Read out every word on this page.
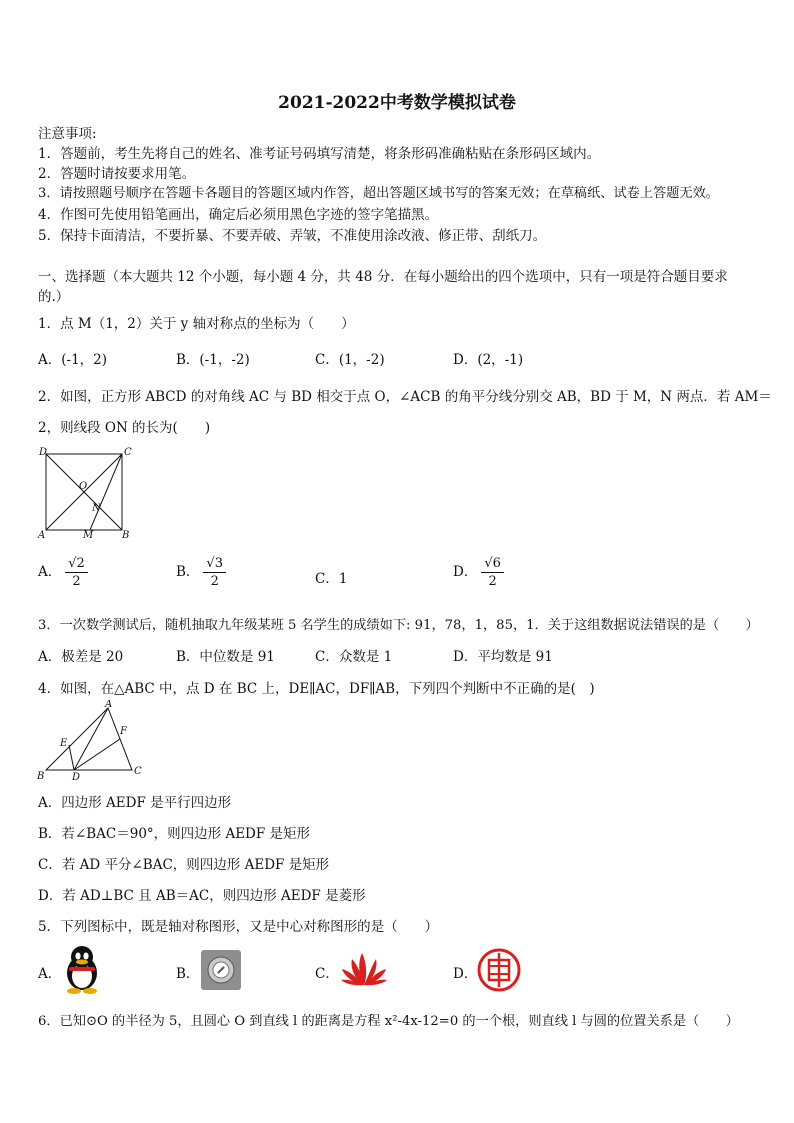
2021-2022中考数学模拟试卷
注意事项:
1．答题前，考生先将自己的姓名、准考证号码填写清楚，将条形码准确粘贴在条形码区域内。
2．答题时请按要求用笔。
3．请按照题号顺序在答题卡各题目的答题区域内作答，超出答题区域书写的答案无效；在草稿纸、试卷上答题无效。
4．作图可先使用铅笔画出，确定后必须用黑色字迹的签字笔描黑。
5．保持卡面清洁，不要折暴、不要弄破、弄皱，不准使用涂改液、修正带、刮纸刀。
一、选择题（本大题共 12 个小题，每小题 4 分，共 48 分．在每小题给出的四个选项中，只有一项是符合题目要求
的.）
1．点 M（1，2）关于 y 轴对称点的坐标为（　　）
A．(-1，2)	B．(-1，-2)	C．(1，-2)	D．(2，-1)
2．如图，正方形 ABCD 的对角线 AC 与 BD 相交于点 O，∠ACB 的角平分线分别交 AB，BD 于 M，N 两点．若 AM＝
2，则线段 ON 的长为(　　)
D	C
O
N
A	M	B
A． $\frac{√2}{2}$	B． $\frac{√3}{2}$	C．1	D． $\frac{√6}{2}$
3．一次数学测试后，随机抽取九年级某班 5 名学生的成绩如下: 91，78，1，85，1．关于这组数据说法错误的是（　　）
A．极差是 20	B．中位数是 91	C．众数是 1	D．平均数是 91
4．如图，在△ABC 中，点 D 在 BC 上，DE∥AC，DF∥AB，下列四个判断中不正确的是(　)
A
E
F
B	D
C
A．四边形 AEDF 是平行四边形
B．若∠BAC＝90°，则四边形 AEDF 是矩形
C．若 AD 平分∠BAC，则四边形 AEDF 是矩形
D．若 AD⊥BC 且 AB＝AC，则四边形 AEDF 是菱形
5．下列图标中，既是轴对称图形，又是中心对称图形的是（　　）
A．	B．	C．	D．
6．已知⊙O 的半径为 5，且圆心 O 到直线 l 的距离是方程 x²-4x-12=0 的一个根，则直线 l 与圆的位置关系是（　　）
